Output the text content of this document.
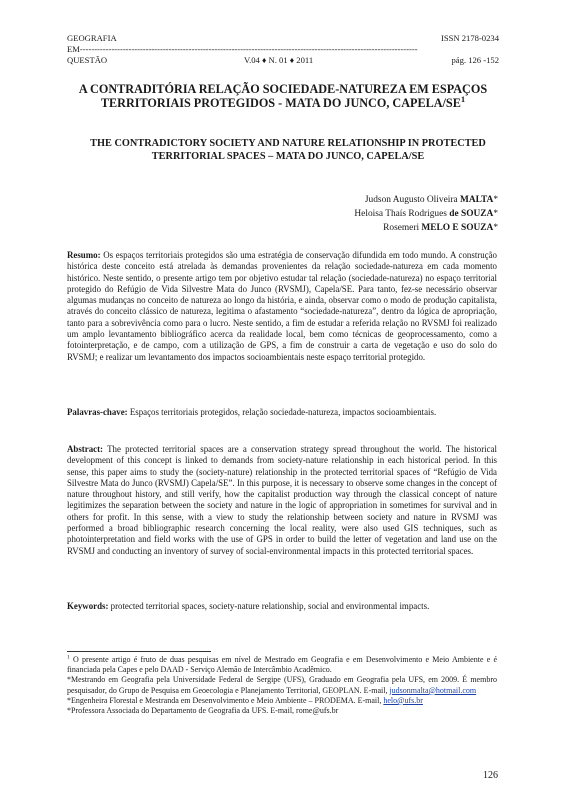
GEOGRAFIA	ISSN 2178-0234
EM----------------------------------------------------------------------------------------------------------------------
QUESTÃO	V.04 ♦ N. 01 ♦ 2011	pág. 126 -152
A CONTRADITÓRIA RELAÇÃO SOCIEDADE-NATUREZA EM ESPAÇOS TERRITORIAIS PROTEGIDOS - MATA DO JUNCO, CAPELA/$SE^1$
THE CONTRADICTORY SOCIETY AND NATURE RELATIONSHIP IN PROTECTED TERRITORIAL SPACES – MATA DO JUNCO, CAPELA/SE
Judson Augusto Oliveira MALTA*
Heloisa Thaís Rodrigues de SOUZA*
Rosemeri MELO E SOUZA*
Resumo: Os espaços territoriais protegidos são uma estratégia de conservação difundida em todo mundo. A construção histórica deste conceito está atrelada às demandas provenientes da relação sociedade-natureza em cada momento histórico. Neste sentido, o presente artigo tem por objetivo estudar tal relação (sociedade-natureza) no espaço territorial protegido do Refúgio de Vida Silvestre Mata do Junco (RVSMJ), Capela/SE. Para tanto, fez-se necessário observar algumas mudanças no conceito de natureza ao longo da história, e ainda, observar como o modo de produção capitalista, através do conceito clássico de natureza, legitima o afastamento “sociedade-natureza”, dentro da lógica de apropriação, tanto para a sobrevivência como para o lucro. Neste sentido, a fim de estudar a referida relação no RVSMJ foi realizado um amplo levantamento bibliográfico acerca da realidade local, bem como técnicas de geoprocessamento, como a fotointerpretação, e de campo, com a utilização de GPS, a fim de construir a carta de vegetação e uso do solo do RVSMJ; e realizar um levantamento dos impactos socioambientais neste espaço territorial protegido.
Palavras-chave: Espaços territoriais protegidos, relação sociedade-natureza, impactos socioambientais.
Abstract: The protected territorial spaces are a conservation strategy spread throughout the world. The historical development of this concept is linked to demands from society-nature relationship in each historical period. In this sense, this paper aims to study the (society-nature) relationship in the protected territorial spaces of “Refúgio de Vida Silvestre Mata do Junco (RVSMJ) Capela/SE”. In this purpose, it is necessary to observe some changes in the concept of nature throughout history, and still verify, how the capitalist production way through the classical concept of nature legitimizes the separation between the society and nature in the logic of appropriation in sometimes for survival and in others for profit. In this sense, with a view to study the relationship between society and nature in RVSMJ was performed a broad bibliographic research concerning the local reality, were also used GIS techniques, such as photointerpretation and field works with the use of GPS in order to build the letter of vegetation and land use on the RVSMJ and conducting an inventory of survey of social-environmental impacts in this protected territorial spaces.
Keywords: protected territorial spaces, society-nature relationship, social and environmental impacts.
$^1$ O presente artigo é fruto de duas pesquisas em nível de Mestrado em Geografia e em Desenvolvimento e Meio Ambiente e é financiada pela Capes e pelo DAAD - Serviço Alemão de Intercâmbio Acadêmico.
*Mestrando em Geografia pela Universidade Federal de Sergipe (UFS), Graduado em Geografia pela UFS, em 2009. É membro pesquisador, do Grupo de Pesquisa em Geoecologia e Planejamento Territorial, GEOPLAN. E-mail, judsonmalta@hotmail.com
*Engenheira Florestal e Mestranda em Desenvolvimento e Meio Ambiente – PRODEMA. E-mail, helo@ufs.br
*Professora Associada do Departamento de Geografia da UFS. E-mail, rome@ufs.br
126
